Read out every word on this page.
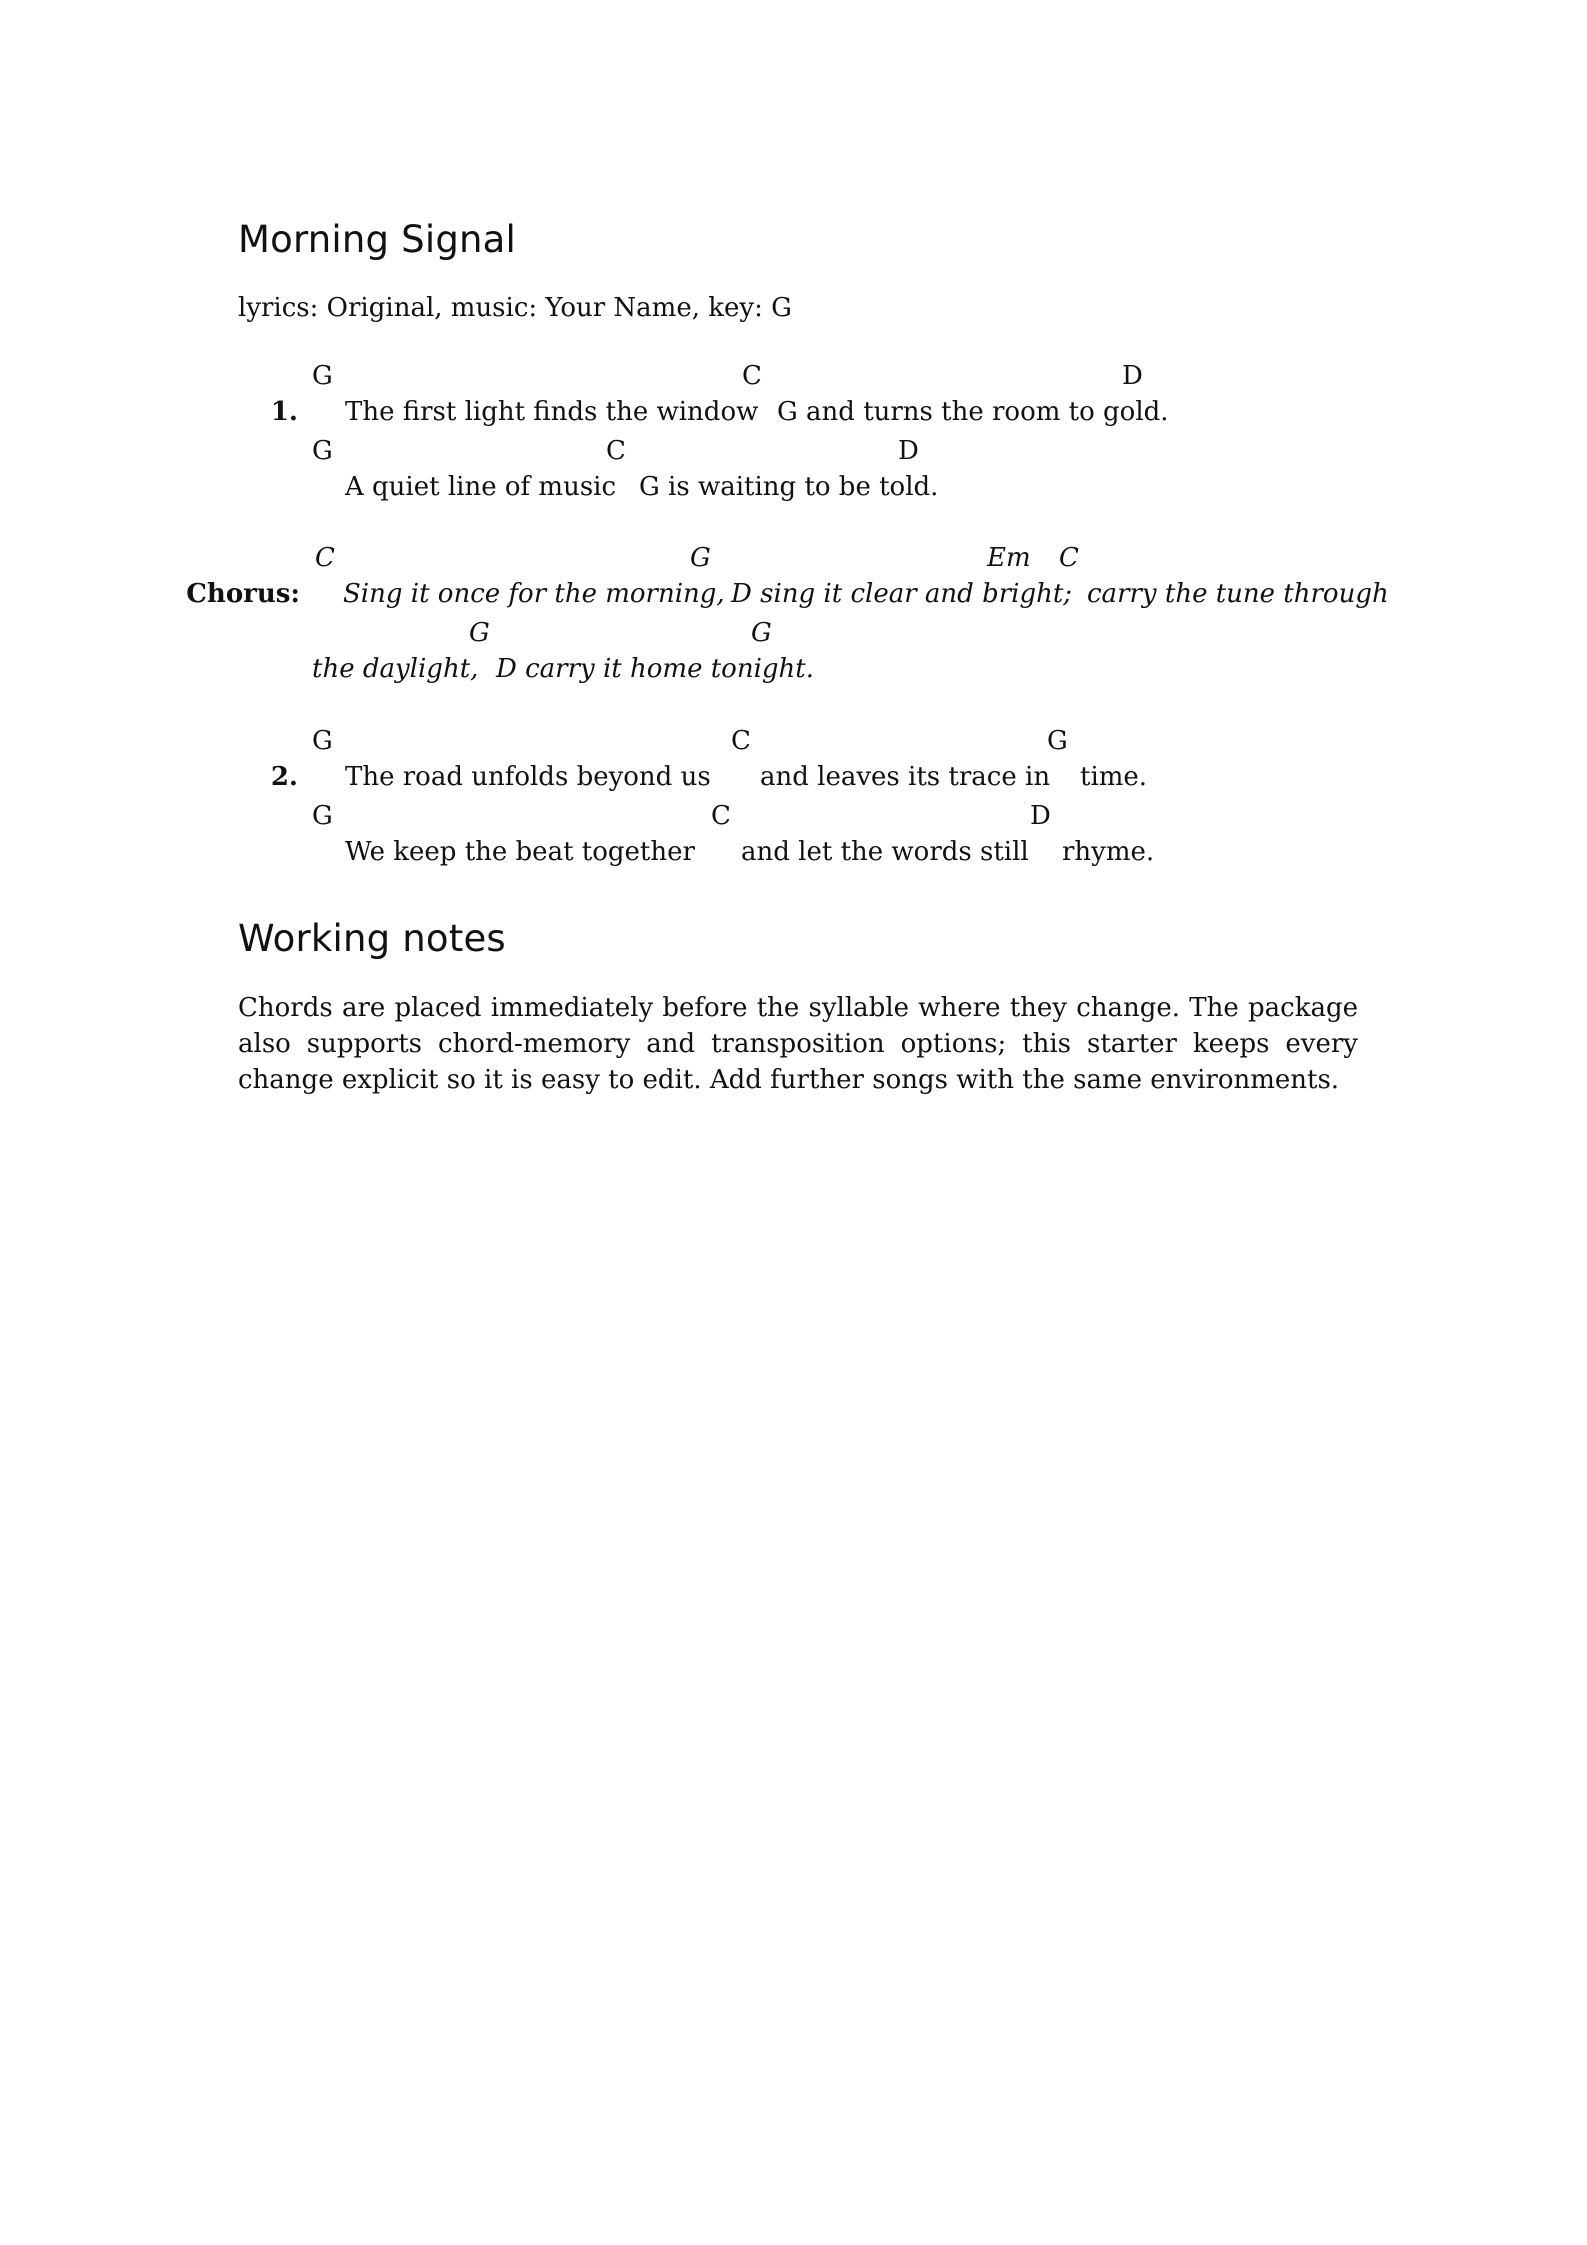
Morning Signal
lyrics: Original, music: Your Name, key: G
G	C	D
1. The first light finds the window G and turns the room to gold.
G	C	D
A quiet line of music G is waiting to be told.
C	G	Em C
Chorus: Sing it once for the morning, D sing it clear and bright; carry the tune through
G	G
the daylight, D carry it home tonight.
G	C	G
2. The road unfolds beyond us and leaves its trace in time.
G	C	D
We keep the beat together and let the words still rhyme.
Working notes
Chords are placed immediately before the syllable where they change. The package also supports chord-memory and transposition options; this starter keeps every change explicit so it is easy to edit. Add further songs with the same environments.
